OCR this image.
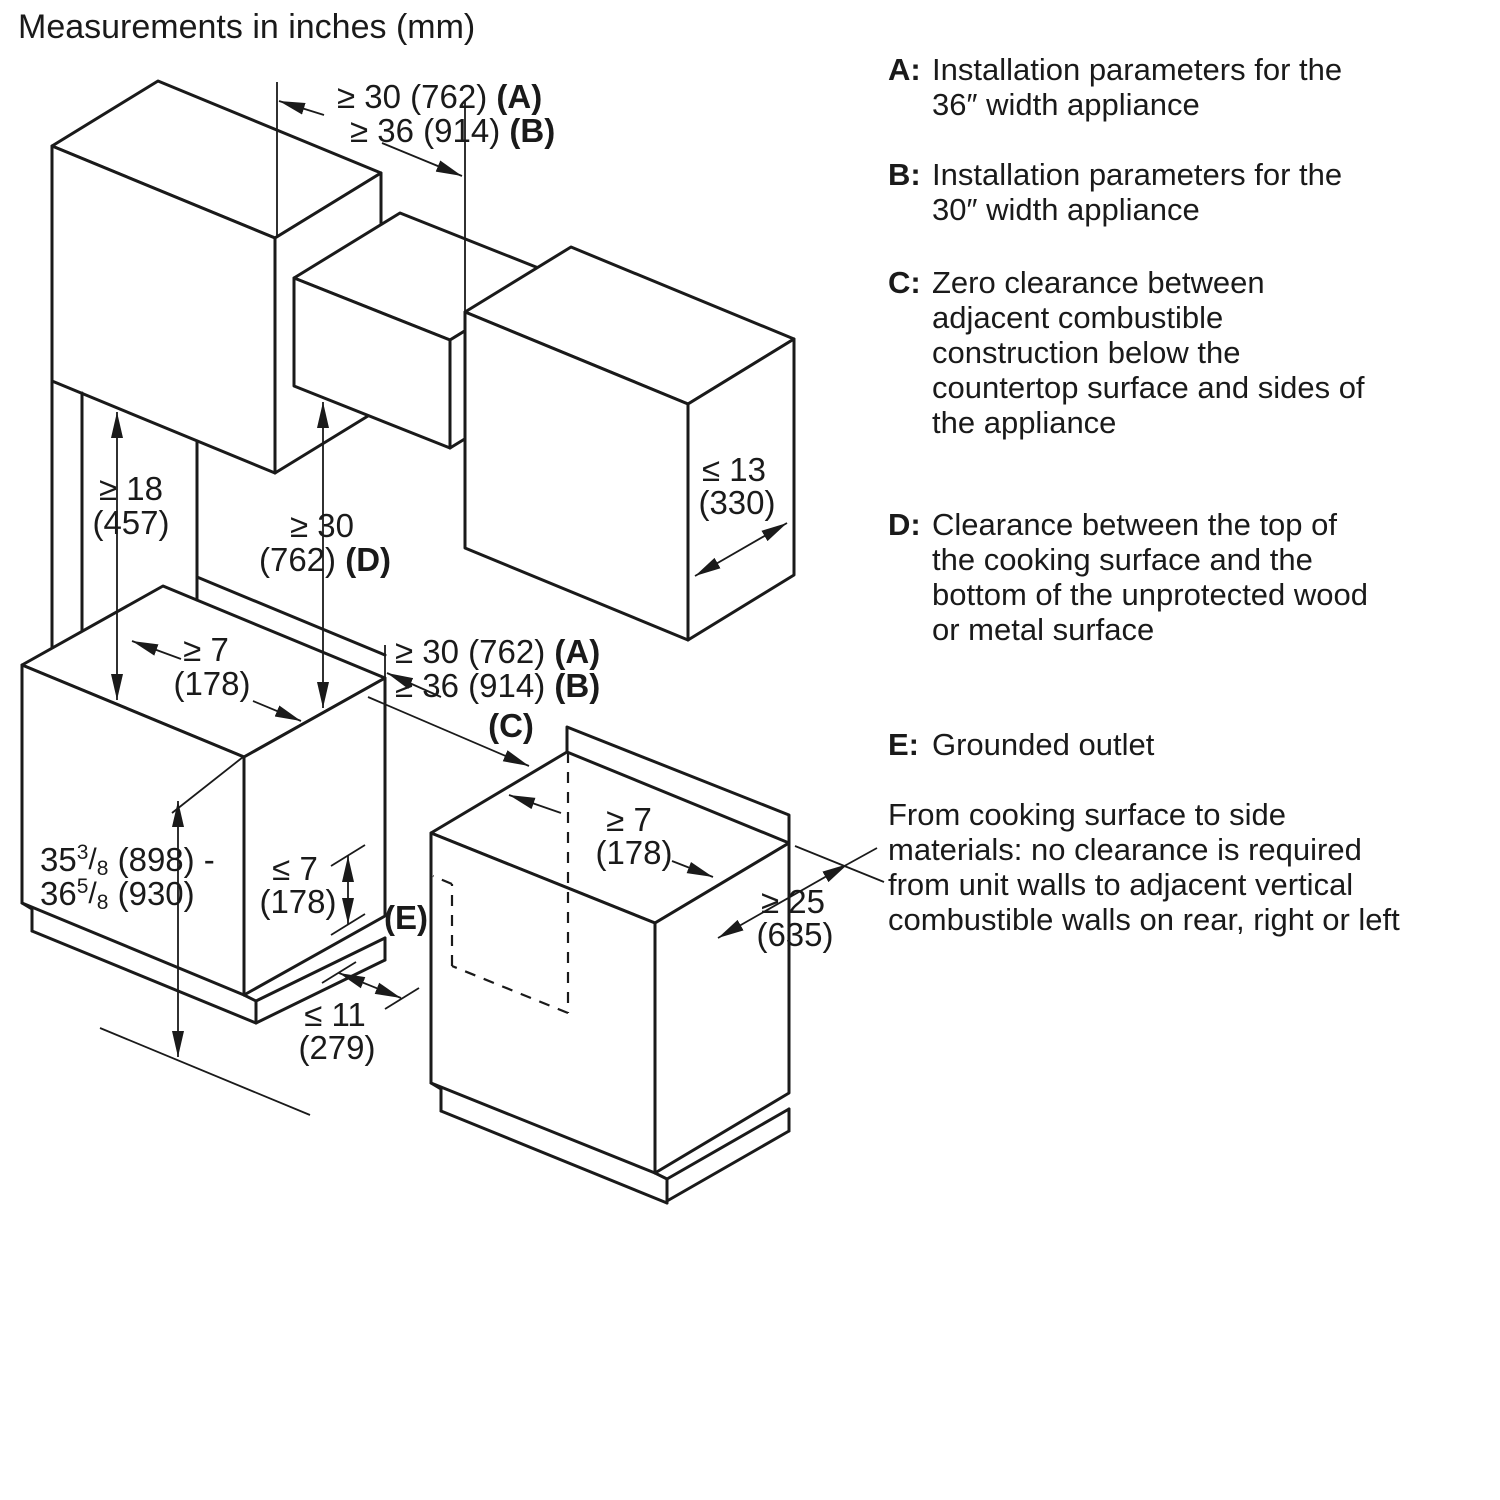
Measurements in inches (mm)
≥ 30 (762) (A)
≥ 36 (914) (B)
≥ 30
(762) (D)
≥ 18
(457)
≥ 7
(178)
≥ 30 (762) (A)
≥ 36 (914) (B)
(C)
$35^3/8$ (898) -
$36^5/8$ (930)
≤ 7
(178) (E)
≤ 11
(279)
≥ 7
(178)
≥ 25
(635)
≤ 13
(330)
A: Installation parameters for the
36″ width appliance
B: Installation parameters for the
30″ width appliance
C: Zero clearance between
adjacent combustible
construction below the
countertop surface and sides of
the appliance
D: Clearance between the top of
the cooking surface and the
bottom of the unprotected wood
or metal surface
E: Grounded outlet
From cooking surface to side
materials: no clearance is required
from unit walls to adjacent vertical
combustible walls on rear, right or left
